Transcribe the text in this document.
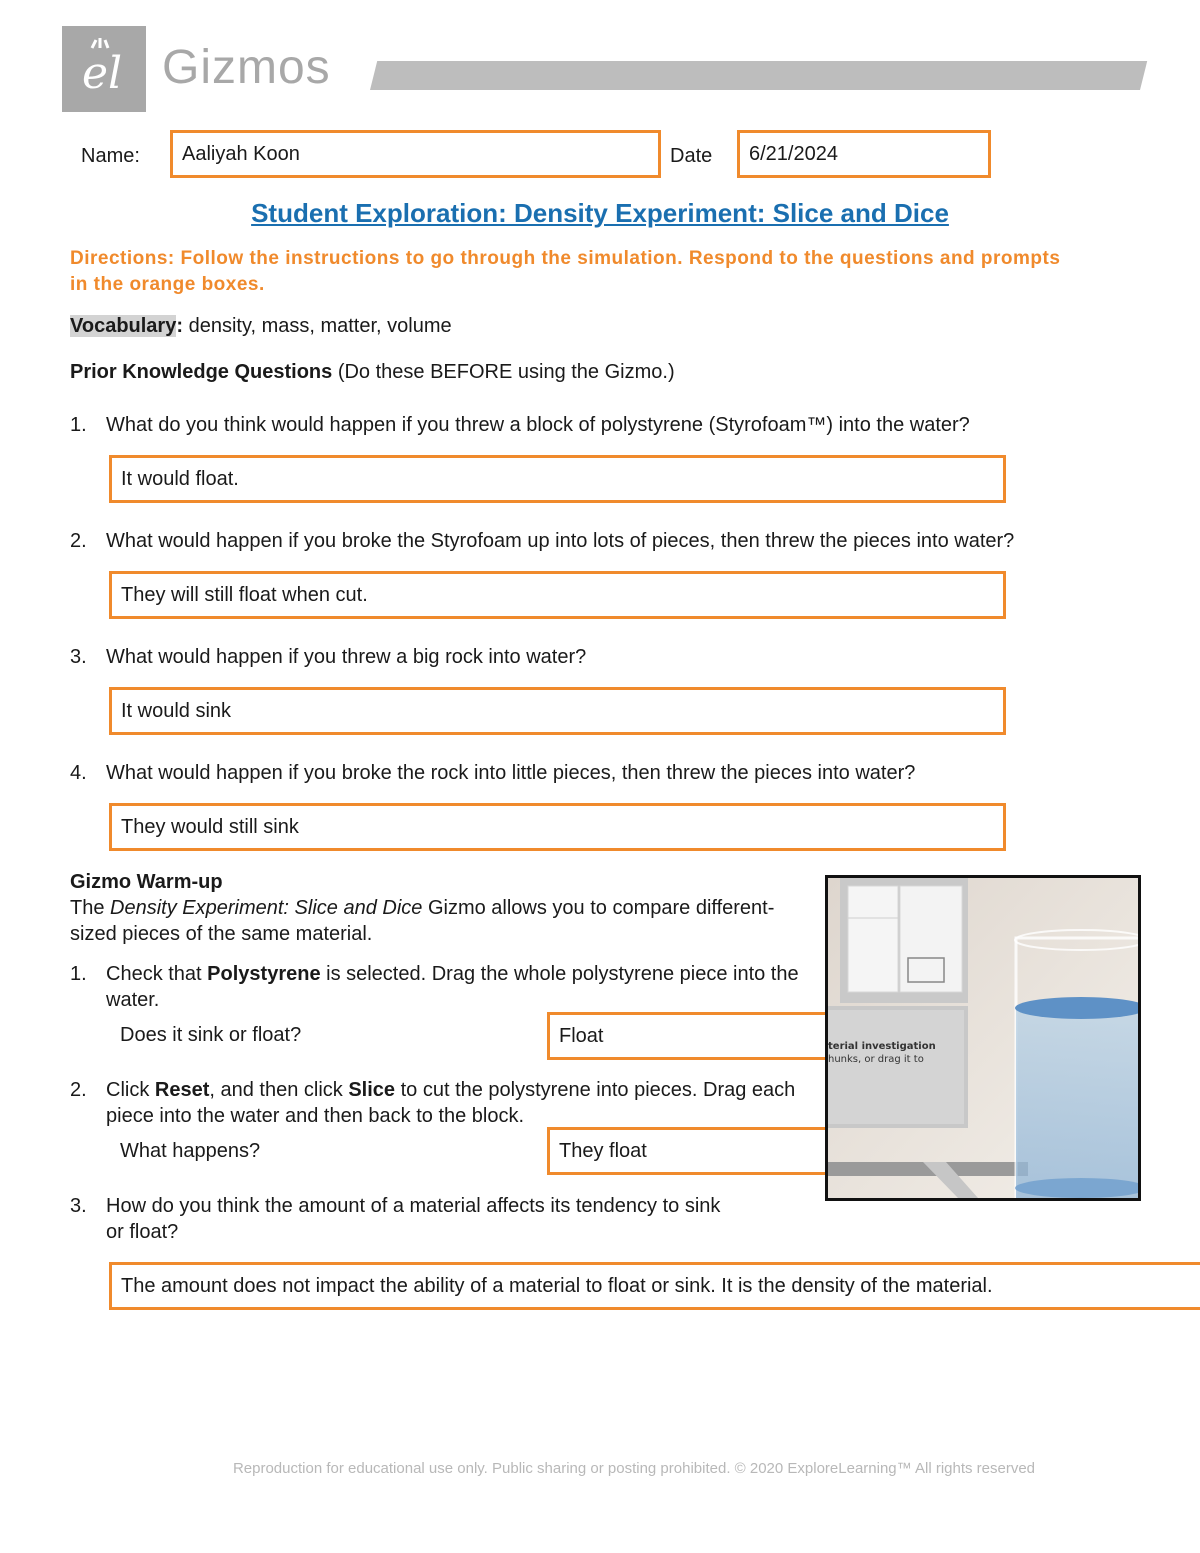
el Gizmos
Name:	Aaliyah Koon	Date	6/21/2024
Student Exploration: Density Experiment: Slice and Dice
Directions: Follow the instructions to go through the simulation. Respond to the questions and prompts in the orange boxes.
Vocabulary: density, mass, matter, volume
Prior Knowledge Questions (Do these BEFORE using the Gizmo.)
1. What do you think would happen if you threw a block of polystyrene (Styrofoam™) into the water?
It would float.
2. What would happen if you broke the Styrofoam up into lots of pieces, then threw the pieces into water?
They will still float when cut.
3. What would happen if you threw a big rock into water?
It would sink
4. What would happen if you broke the rock into little pieces, then threw the pieces into water?
They would still sink
Gizmo Warm-up
The Density Experiment: Slice and Dice Gizmo allows you to compare different-sized pieces of the same material.
1. Check that Polystyrene is selected. Drag the whole polystyrene piece into the water.
Does it sink or float?	Float
2. Click Reset, and then click Slice to cut the polystyrene into pieces. Drag each piece into the water and then back to the block.
What happens?	They float
terial investigation
hunks, or drag it to
3. How do you think the amount of a material affects its tendency to sink or float?
The amount does not impact the ability of a material to float or sink. It is the density of the material.
Reproduction for educational use only. Public sharing or posting prohibited. © 2020 ExploreLearning™ All rights reserved
